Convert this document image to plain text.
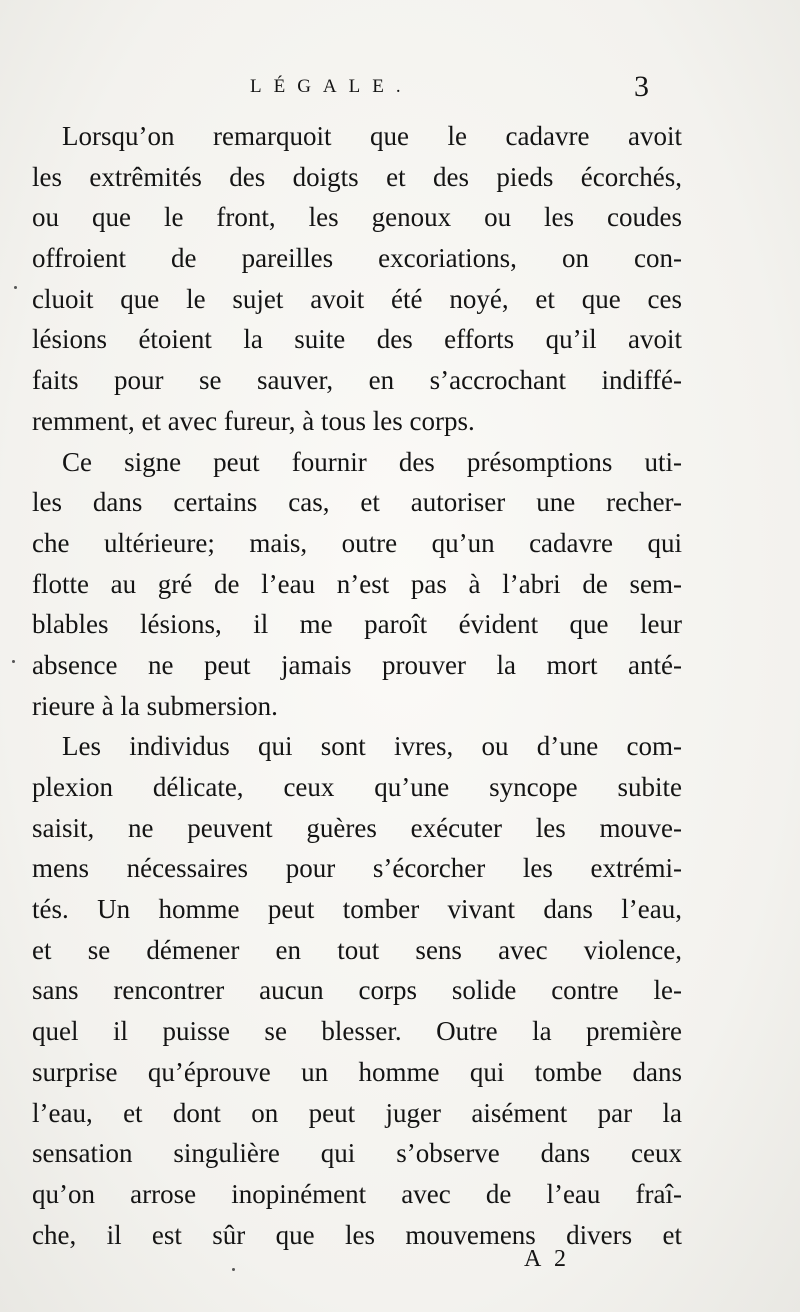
LÉGALE.	3
Lorsqu’on remarquoit que le cadavre avoit
les extrêmités des doigts et des pieds écorchés,
ou que le front, les genoux ou les coudes
offroient de pareilles excoriations, on con-
cluoit que le sujet avoit été noyé, et que ces
lésions étoient la suite des efforts qu’il avoit
faits pour se sauver, en s’accrochant indiffé-
remment, et avec fureur, à tous les corps.
Ce signe peut fournir des présomptions uti-
les dans certains cas, et autoriser une recher-
che ultérieure; mais, outre qu’un cadavre qui
flotte au gré de l’eau n’est pas à l’abri de sem-
blables lésions, il me paroît évident que leur
absence ne peut jamais prouver la mort anté-
rieure à la submersion.
Les individus qui sont ivres, ou d’une com-
plexion délicate, ceux qu’une syncope subite
saisit, ne peuvent guères exécuter les mouve-
mens nécessaires pour s’écorcher les extrémi-
tés. Un homme peut tomber vivant dans l’eau,
et se démener en tout sens avec violence,
sans rencontrer aucun corps solide contre le-
quel il puisse se blesser. Outre la première
surprise qu’éprouve un homme qui tombe dans
l’eau, et dont on peut juger aisément par la
sensation singulière qui s’observe dans ceux
qu’on arrose inopinément avec de l’eau fraî-
che, il est sûr que les mouvemens divers et
A 2
